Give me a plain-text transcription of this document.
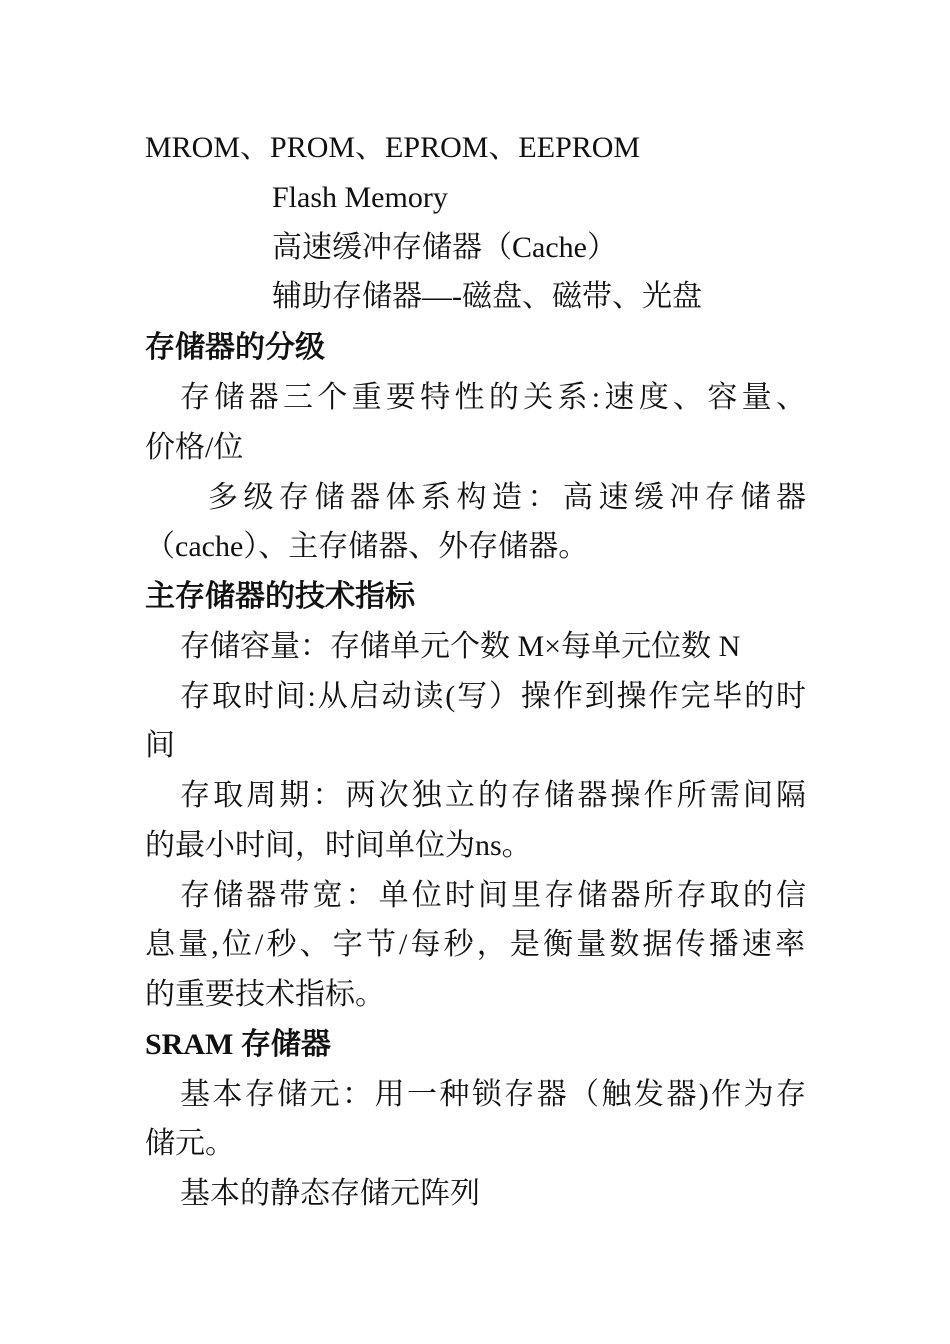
MROM、PROM、EPROM、EEPROM
Flash Memory
高速缓冲存储器（Cache）
辅助存储器—-磁盘、磁带、光盘
存储器的分级
存储器三个重要特性的关系:速度、容量、
价格/位
多级存储器体系构造：高速缓冲存储器
（cache）、主存储器、外存储器。
主存储器的技术指标
存储容量：存储单元个数 M×每单元位数 N
存取时间:从启动读(写）操作到操作完毕的时
间
存取周期：两次独立的存储器操作所需间隔
的最小时间，时间单位为ns。
存储器带宽：单位时间里存储器所存取的信
息量,位/秒、字节/每秒，是衡量数据传播速率
的重要技术指标。
SRAM 存储器
基本存储元：用一种锁存器（触发器)作为存
储元。
基本的静态存储元阵列
